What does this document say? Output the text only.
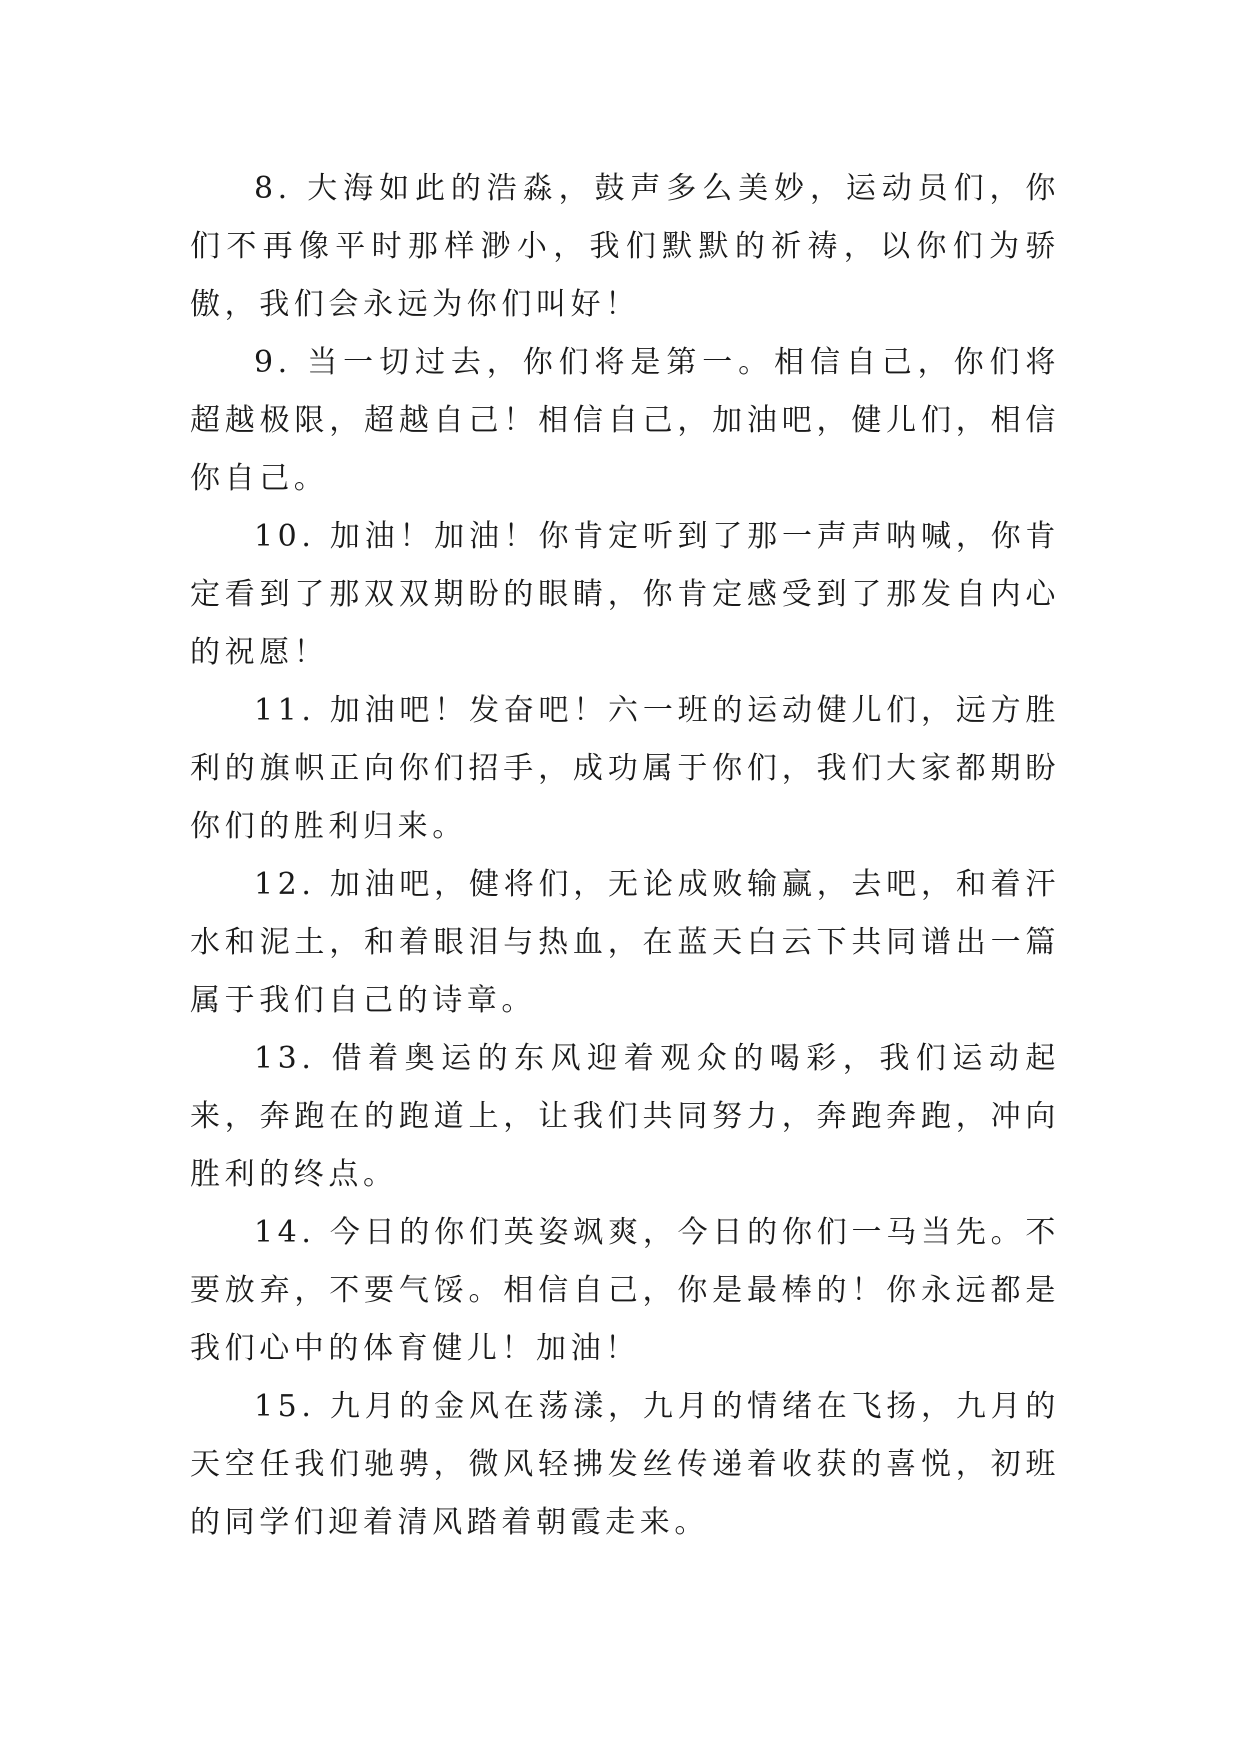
8. 大海如此的浩淼，鼓声多么美妙，运动员们，你们不再像平时那样渺小，我们默默的祈祷，以你们为骄傲，我们会永远为你们叫好！

9. 当一切过去，你们将是第一。相信自己，你们将超越极限，超越自己！相信自己，加油吧，健儿们，相信你自己。

10. 加油！加油！你肯定听到了那一声声呐喊，你肯定看到了那双双期盼的眼睛，你肯定感受到了那发自内心的祝愿！

11. 加油吧！发奋吧！六一班的运动健儿们，远方胜利的旗帜正向你们招手，成功属于你们，我们大家都期盼你们的胜利归来。

12. 加油吧，健将们，无论成败输赢，去吧，和着汗水和泥土，和着眼泪与热血，在蓝天白云下共同谱出一篇属于我们自己的诗章。

13. 借着奥运的东风迎着观众的喝彩，我们运动起来，奔跑在的跑道上，让我们共同努力，奔跑奔跑，冲向胜利的终点。

14. 今日的你们英姿飒爽，今日的你们一马当先。不要放弃，不要气馁。相信自己，你是最棒的！你永远都是我们心中的体育健儿！加油！

15. 九月的金风在荡漾，九月的情绪在飞扬，九月的天空任我们驰骋，微风轻拂发丝传递着收获的喜悦，初班的同学们迎着清风踏着朝霞走来。
